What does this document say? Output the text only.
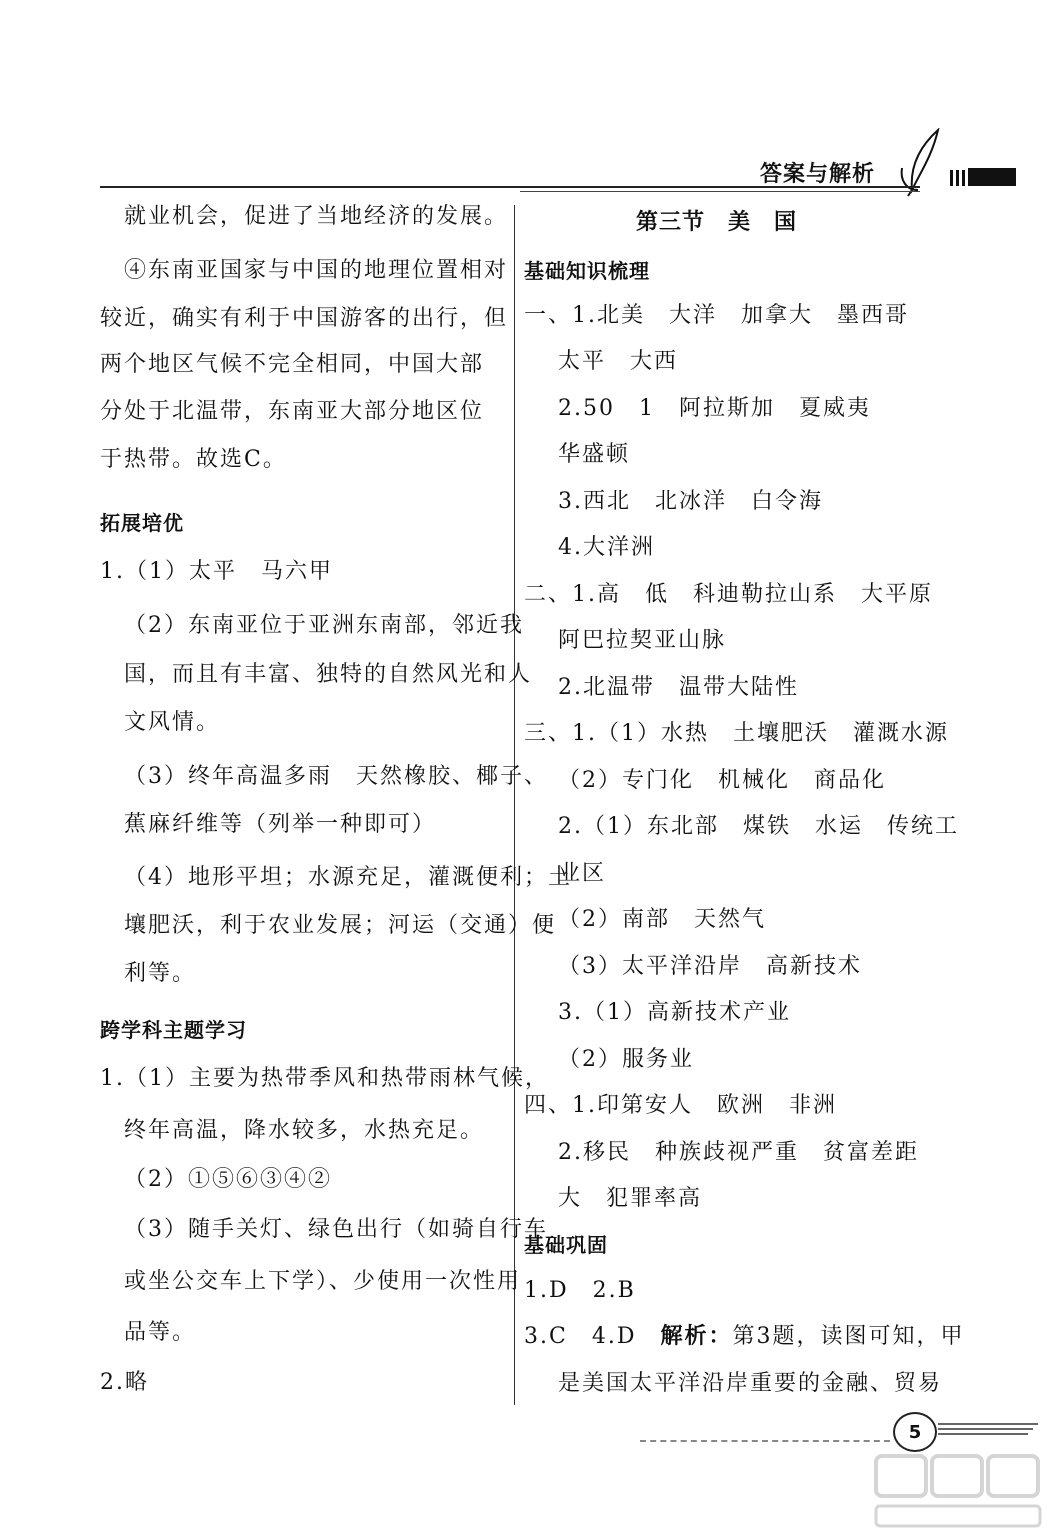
答案与解析
就业机会，促进了当地经济的发展。
④东南亚国家与中国的地理位置相对
较近，确实有利于中国游客的出行，但
两个地区气候不完全相同，中国大部
分处于北温带，东南亚大部分地区位
于热带。故选C。
拓展培优
1.（1）太平　马六甲
（2）东南亚位于亚洲东南部，邻近我
国，而且有丰富、独特的自然风光和人
文风情。
（3）终年高温多雨　天然橡胶、椰子、
蕉麻纤维等（列举一种即可）
（4）地形平坦；水源充足，灌溉便利；土
壤肥沃，利于农业发展；河运（交通）便
利等。
跨学科主题学习
1.（1）主要为热带季风和热带雨林气候，
终年高温，降水较多，水热充足。
（2）①⑤⑥③④②
（3）随手关灯、绿色出行（如骑自行车
或坐公交车上下学）、少使用一次性用
品等。
2.略
第三节　美　国
基础知识梳理
一、1.北美　大洋　加拿大　墨西哥
太平　大西
2.50　1　阿拉斯加　夏威夷
华盛顿
3.西北　北冰洋　白令海
4.大洋洲
二、1.高　低　科迪勒拉山系　大平原
阿巴拉契亚山脉
2.北温带　温带大陆性
三、1.（1）水热　土壤肥沃　灌溉水源
（2）专门化　机械化　商品化
2.（1）东北部　煤铁　水运　传统工
业区
（2）南部　天然气
（3）太平洋沿岸　高新技术
3.（1）高新技术产业
（2）服务业
四、1.印第安人　欧洲　非洲
2.移民　种族歧视严重　贫富差距
大　犯罪率高
基础巩固
1.D　2.B
3.C　4.D　解析：第3题，读图可知，甲
是美国太平洋沿岸重要的金融、贸易
5
